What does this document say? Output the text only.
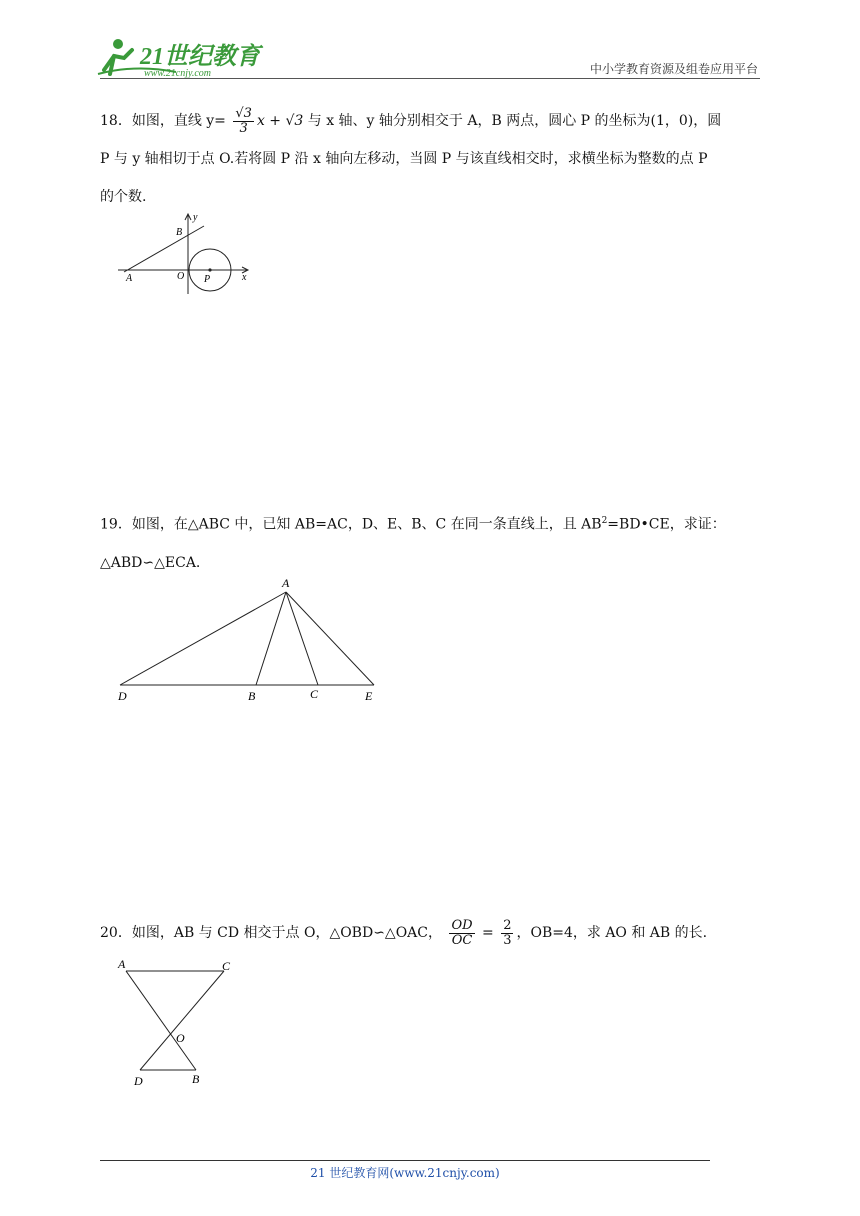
21世纪教育
www.21cnjy.com	中小学教育资源及组卷应用平台
18．如图，直线 $y= \frac{√3}{3}$ x + √3 与 x 轴、y 轴分别相交于 A，B 两点，圆心 P 的坐标为(1，0)，圆
P 与 y 轴相切于点 O.若将圆 P 沿 x 轴向左移动，当圆 P 与该直线相交时，求横坐标为整数的点 P
的个数.
A
B
O P	x
y
19．如图，在△ABC 中，已知 AB=AC，D、E、B、C 在同一条直线上，且 $AB^2=BD•CE$，求证：
△ABD∽△ECA.
A
D	B	C	E
20．如图，AB 与 CD 相交于点 O，△OBD∽△OAC， $\frac{OD}{OC} = \frac{2}{3}$ ，OB=4，求 AO 和 AB 的长.
A	C
O
D	B
21 世纪教育网(www.21cnjy.com)
